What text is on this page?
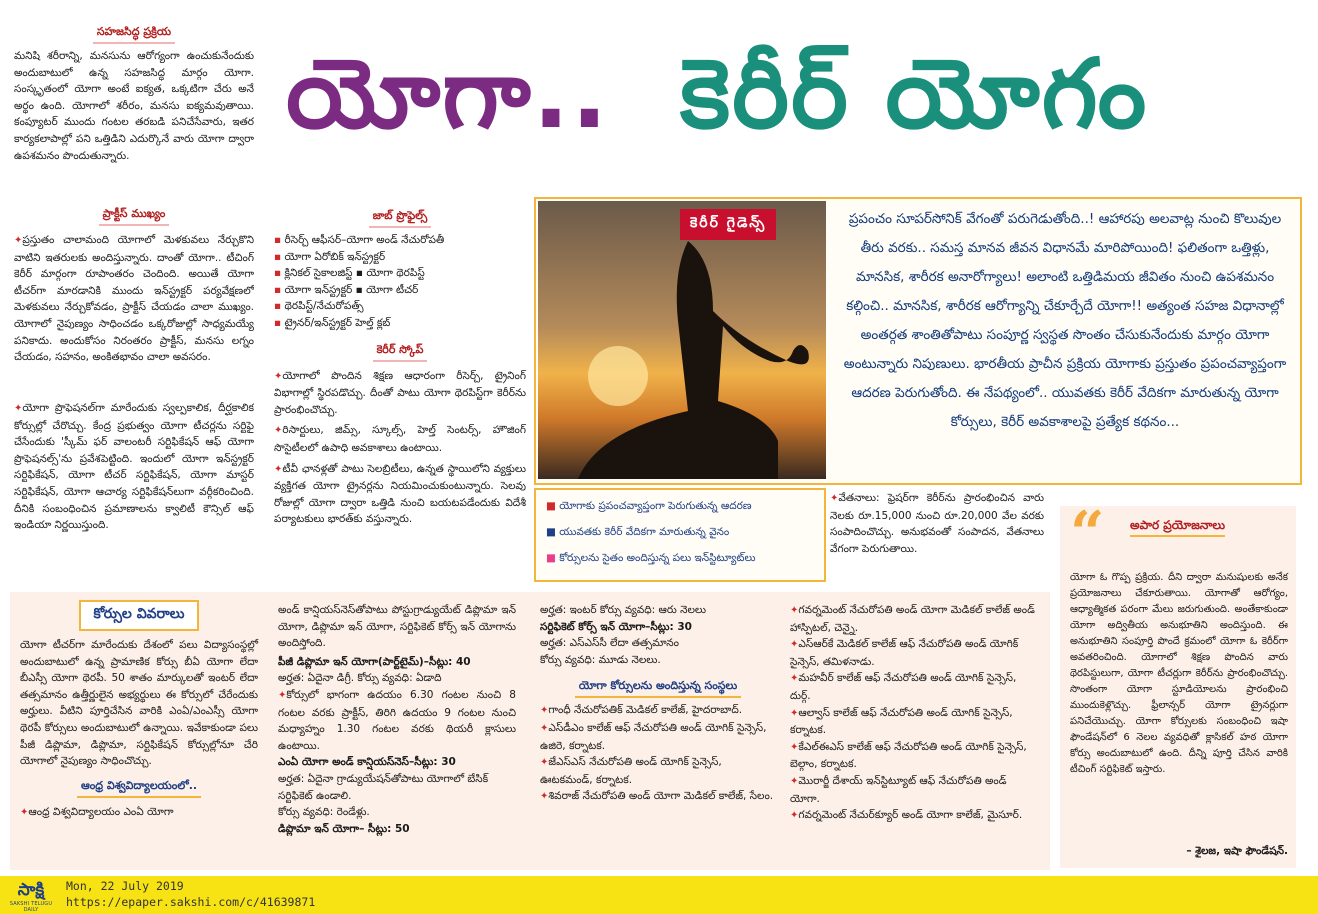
యోగా.. కెరీర్ యోగం
సహజసిద్ధ ప్రక్రియ

మనిషి శరీరాన్ని, మనసును ఆరోగ్యంగా ఉంచుకునేందుకు అందుబాటులో ఉన్న సహజసిద్ధ మార్గం యోగా. సంస్కృతంలో యోగా అంటే ఐక్యత, ఒక్కటిగా చేరు అనే అర్థం ఉంది. యోగాలో శరీరం, మనసు ఐక్యమవుతాయి. కంప్యూటర్ ముందు గంటల తరబడి పనిచేసేవారు, ఇతర కార్యకలాపాల్లో పని ఒత్తిడిని ఎదుర్కొనే వారు యోగా ద్వారా ఉపశమనం పొందుతున్నారు.

ప్రాక్టీస్ ముఖ్యం

✦ ప్రస్తుతం చాలామంది యోగాలో మెళకువలు నేర్చుకొని వాటిని ఇతరులకు అందిస్తున్నారు. దాంతో యోగా.. టీచింగ్ కెరీర్ మార్గంగా రూపాంతరం చెందింది. అయితే యోగా టీచర్‌గా మారడానికి ముందు ఇన్‌స్ట్రక్టర్ పర్యవేక్షణలో మెళకువలు నేర్చుకోవడం, ప్రాక్టీస్ చేయడం చాలా ముఖ్యం. యోగాలో నైపుణ్యం సాధించడం ఒక్కరోజుల్లో సాధ్యమయ్యే పనికాదు. అందుకోసం నిరంతరం ప్రాక్టీస్, మనసు లగ్నం చేయడం, సహనం, అంకితభావం చాలా అవసరం.

✦ యోగా ప్రొఫెషనల్‌గా మారేందుకు స్వల్పకాలిక, దీర్ఘకాలిక కోర్సుల్లో చేరొచ్చు. కేంద్ర ప్రభుత్వం యోగా టీచర్లను సర్టిఫై చేసేందుకు 'స్కీమ్ ఫర్ వాలంటరీ సర్టిఫికేషన్ ఆఫ్ యోగా ప్రొఫెషనల్స్'ను ప్రవేశపెట్టింది. ఇందులో యోగా ఇన్‌స్ట్రక్టర్ సర్టిఫికేషన్, యోగా టీచర్ సర్టిఫికేషన్, యోగా మాస్టర్ సర్టిఫికేషన్, యోగా ఆచార్య సర్టిఫికేషన్‌లుగా వర్గీకరించింది. దీనికి సంబంధించిన ప్రమాణాలను క్వాలిటీ కౌన్సిల్ ఆఫ్ ఇండియా నిర్ణయిస్తుంది.

జాబ్ ప్రొఫైల్స్
▪ రీసెర్చ్ ఆఫీసర్–యోగా అండ్ నేచురోపతీ
▪ యోగా ఏరోబిక్ ఇన్‌స్ట్రక్టర్
▪ క్లినికల్ సైకాలజిస్ట్ ▪ యోగా థెరపిస్ట్
▪ యోగా ఇన్‌స్ట్రక్టర్ ▪ యోగా టీచర్
▪ థెరపిస్ట్/నేచురోపత్స్
▪ ట్రైనర్/ఇన్‌స్ట్రక్టర్ హెల్త్ క్లబ్
కెరీర్ స్కోప్

✦ యోగాలో పొందిన శిక్షణ ఆధారంగా రీసెర్చ్, ట్రైనింగ్ విభాగాల్లో స్థిరపడొచ్చు. దీంతో పాటు యోగా థెరపిస్ట్‌గా కెరీర్‌ను ప్రారంభించొచ్చు.

✦ రిసార్టులు, జిమ్స్, స్కూల్స్, హెల్త్ సెంటర్స్, హౌజింగ్ సొసైటీలలో ఉపాధి అవకాశాలు ఉంటాయి.

✦ టీవీ ఛానళ్లతో పాటు సెలబ్రిటీలు, ఉన్నత స్థాయిలోని వ్యక్తులు వ్యక్తిగత యోగా ట్రైనర్లను నియమించుకుంటున్నారు. సెలవు రోజుల్లో యోగా ద్వారా ఒత్తిడి నుంచి బయటపడేందుకు విదేశీ పర్యాటకులు భారత్‌కు వస్తున్నారు.

కెరీర్ గైడెన్స్	ప్రపంచం సూపర్‌సోనిక్ వేగంతో పరుగెడుతోంది..! ఆహారపు అలవాట్ల నుంచి కొలువుల తీరు వరకు.. సమస్త మానవ జీవన విధానమే మారిపోయింది! ఫలితంగా ఒత్తిళ్లు, మానసిక, శారీరక అనారోగ్యాలు! అలాంటి ఒత్తిడిమయ జీవితం నుంచి ఉపశమనం కల్గించి.. మానసిక, శారీరక ఆరోగ్యాన్ని చేకూర్చేదే యోగా!! అత్యంత సహజ విధానాల్లో అంతర్గత శాంతితోపాటు సంపూర్ణ స్వస్థత సొంతం చేసుకునేందుకు మార్గం యోగా అంటున్నారు నిపుణులు. భారతీయ ప్రాచీన ప్రక్రియ యోగాకు ప్రస్తుతం ప్రపంచవ్యాప్తంగా ఆదరణ పెరుగుతోంది. ఈ నేపథ్యంలో.. యువతకు కెరీర్ వేదికగా మారుతున్న యోగా కోర్సులు, కెరీర్ అవకాశాలపై ప్రత్యేక కథనం...

■ యోగాకు ప్రపంచవ్యాప్తంగా పెరుగుతున్న ఆదరణ
■ యువతకు కెరీర్ వేదికగా మారుతున్న వైనం
■ కోర్సులను సైతం అందిస్తున్న పలు ఇన్‌స్టిట్యూట్‌లు

✦ వేతనాలు: ఫ్రెషర్‌గా కెరీర్‌ను ప్రారంభించిన వారు నెలకు రూ.15,000 నుంచి రూ.20,000 వేల వరకు సంపాదించొచ్చు. అనుభవంతో సంపాదన, వేతనాలు వేగంగా పెరుగుతాయి.

కోర్సుల వివరాలు

యోగా టీచర్‌గా మారేందుకు దేశంలో పలు విద్యాసంస్థల్లో అందుబాటులో ఉన్న ప్రామాణిక కోర్సు బీఏ యోగా లేదా బీఎస్సీ యోగా థెరపీ. 50 శాతం మార్కులతో ఇంటర్ లేదా తత్సమానం ఉత్తీర్ణులైన అభ్యర్థులు ఈ కోర్సులో చేరేందుకు అర్హులు. వీటిని పూర్తిచేసిన వారికి ఎంఏ/ఎంఎస్సీ యోగా థెరపీ కోర్సులు అందుబాటులో ఉన్నాయి. ఇవేకాకుండా పలు పీజీ డిప్లొమా, డిప్లొమా, సర్టిఫికేషన్ కోర్సుల్లోనూ చేరి యోగాలో నైపుణ్యం సాధించొచ్చు.

ఆంధ్ర విశ్వవిద్యాలయంలో..

✦ ఆంధ్ర విశ్వవిద్యాలయం ఎంఏ యోగా

అండ్ కాన్షియస్‌నెస్‌తోపాటు పోస్టుగ్రాడ్యుయేట్ డిప్లొమా ఇన్ యోగా, డిప్లొమా ఇన్ యోగా, సర్టిఫికెట్ కోర్స్ ఇన్ యోగాను అందిస్తోంది.

పీజీ డిప్లొమా ఇన్ యోగా(పార్ట్‌టైమ్)–సీట్లు: 40
అర్హత: ఏదైనా డిగ్రీ. కోర్సు వ్యవధి: ఏడాది

✦ కోర్సులో భాగంగా ఉదయం 6.30 గంటల నుంచి 8 గంటల వరకు ప్రాక్టీస్, తిరిగి ఉదయం 9 గంటల నుంచి మధ్యాహ్నం 1.30 గంటల వరకు థియరీ క్లాసులు ఉంటాయి.

ఎంఏ యోగా అండ్ కాన్షియస్‌నెస్–సీట్లు: 30
అర్హత: ఏదైనా గ్రాడ్యుయేషన్‌తోపాటు యోగాలో బేసిక్ సర్టిఫికెట్ ఉండాలి.
కోర్సు వ్యవధి: రెండేళ్లు.
డిప్లొమా ఇన్ యోగా– సీట్లు: 50
అర్హత: ఇంటర్ కోర్సు వ్యవధి: ఆరు నెలలు
సర్టిఫికెట్ కోర్స్ ఇన్ యోగా–సీట్లు: 30
అర్హత: ఎస్ఎస్‌సీ లేదా తత్సమానం
కోర్సు వ్యవధి: మూడు నెలలు.
యోగా కోర్సులను అందిస్తున్న సంస్థలు
✦ గాంధీ నేచురోపతిక్ మెడికల్ కాలేజ్, హైదరాబాద్.
✦ ఎస్‌డీఎం కాలేజ్ ఆఫ్ నేచురోపతి అండ్ యోగిక్ సైన్సెస్, ఉజిరె, కర్నాటక.
✦ జేఎస్ఎస్ నేచురోపతి అండ్ యోగిక్ సైన్సెస్, ఊటకమండ్, కర్నాటక.
✦ శివరాజ్ నేచురోపతి అండ్ యోగా మెడికల్ కాలేజ్, సేలం.
✦ గవర్నమెంట్ నేచురోపతి అండ్ యోగా మెడికల్ కాలేజ్ అండ్ హాస్పిటల్, చెన్నై.
✦ ఎస్ఆర్‌కే మెడికల్ కాలేజ్ ఆఫ్ నేచురోపతి అండ్ యోగిక్ సైన్సెస్, తమిళనాడు.
✦ మహవీర్ కాలేజ్ ఆఫ్ నేచురోపతి అండ్ యోగిక్ సైన్సెస్, దుర్గ్.
✦ ఆల్వాస్ కాలేజ్ ఆఫ్ నేచురోపతి అండ్ యోగిక్ సైన్సెస్, కర్నాటక.
✦ కేఎల్ఈఎస్ కాలేజ్ ఆఫ్ నేచురోపతి అండ్ యోగిక్ సైన్సెస్, బెల్గాం, కర్నాటక.
✦ మొరార్జీ దేశాయ్ ఇన్‌స్టిట్యూట్ ఆఫ్ నేచురోపతి అండ్ యోగా.
✦ గవర్నమెంట్ నేచుర్‌క్యూర్ అండ్ యోగా కాలేజ్, మైసూర్.
“ అపార ప్రయోజనాలు

యోగా ఓ గొప్ప ప్రక్రియ. దీని ద్వారా మనుషులకు అనేక ప్రయోజనాలు చేకూరుతాయి. యోగాతో ఆరోగ్యం, ఆధ్యాత్మికత పరంగా మేలు జరుగుతుంది. అంతేకాకుండా యోగా అద్వితీయ అనుభూతిని అందిస్తుంది. ఈ అనుభూతిని సంపూర్తి పొందే క్రమంలో యోగా ఓ కెరీర్‌గా అవతరించింది. యోగాలో శిక్షణ పొందిన వారు థెరపిస్టులుగా, యోగా టీచర్లుగా కెరీర్‌ను ప్రారంభించొచ్చు. సొంతంగా యోగా స్టూడియోలను ప్రారంభించి ముందుకెళ్లొచ్చు. ఫ్రీలాన్సర్ యోగా ట్రైనర్లుగా పనిచేయొచ్చు. యోగా కోర్సులకు సంబంధించి ఇషా ఫౌండేషన్‌లో 6 నెలల వ్యవధితో క్లాసికల్ హఠ యోగా కోర్సు అందుబాటులో ఉంది. దీన్ని పూర్తి చేసిన వారికి టీచింగ్ సర్టిఫికెట్ ఇస్తారు.

– శైలజ, ఇషా ఫౌండేషన్.
సాక్షి
SAKSHI TELUGU DAILY
Mon, 22 July 2019
https://epaper.sakshi.com/c/41639871
